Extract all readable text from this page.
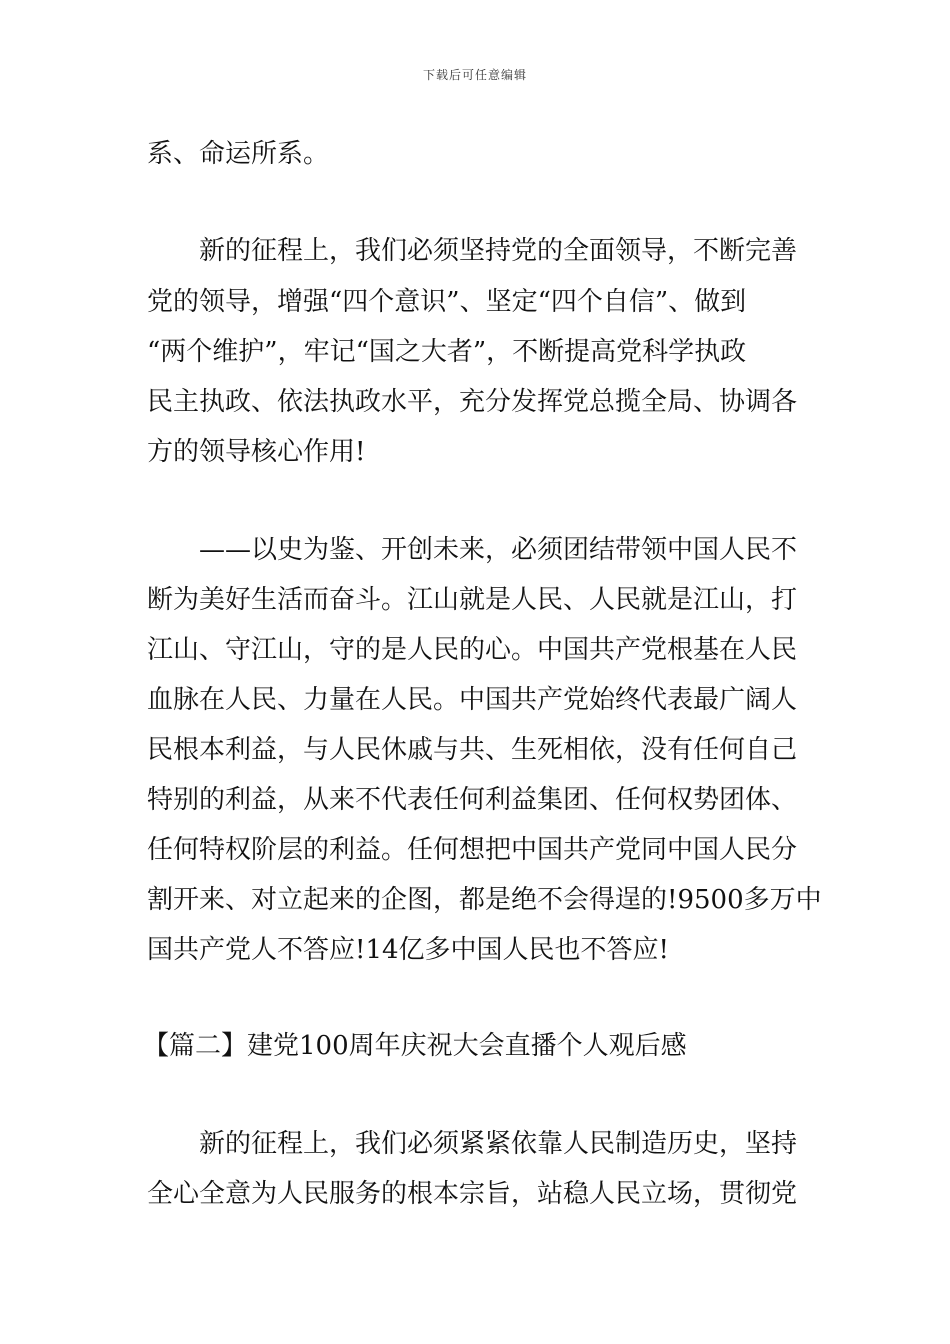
下载后可任意编辑
系、命运所系。
新的征程上，我们必须坚持党的全面领导，不断完善
党的领导，增强“四个意识”、坚定“四个自信”、做到
“两个维护”，牢记“国之大者”，不断提高党科学执政
民主执政、依法执政水平，充分发挥党总揽全局、协调各
方的领导核心作用!
——以史为鉴、开创未来，必须团结带领中国人民不
断为美好生活而奋斗。江山就是人民、人民就是江山，打
江山、守江山，守的是人民的心。中国共产党根基在人民
血脉在人民、力量在人民。中国共产党始终代表最广阔人
民根本利益，与人民休戚与共、生死相依，没有任何自己
特别的利益，从来不代表任何利益集团、任何权势团体、
任何特权阶层的利益。任何想把中国共产党同中国人民分
割开来、对立起来的企图，都是绝不会得逞的!9500多万中
国共产党人不答应!14亿多中国人民也不答应!
【篇二】建党100周年庆祝大会直播个人观后感
新的征程上，我们必须紧紧依靠人民制造历史，坚持
全心全意为人民服务的根本宗旨，站稳人民立场，贯彻党
